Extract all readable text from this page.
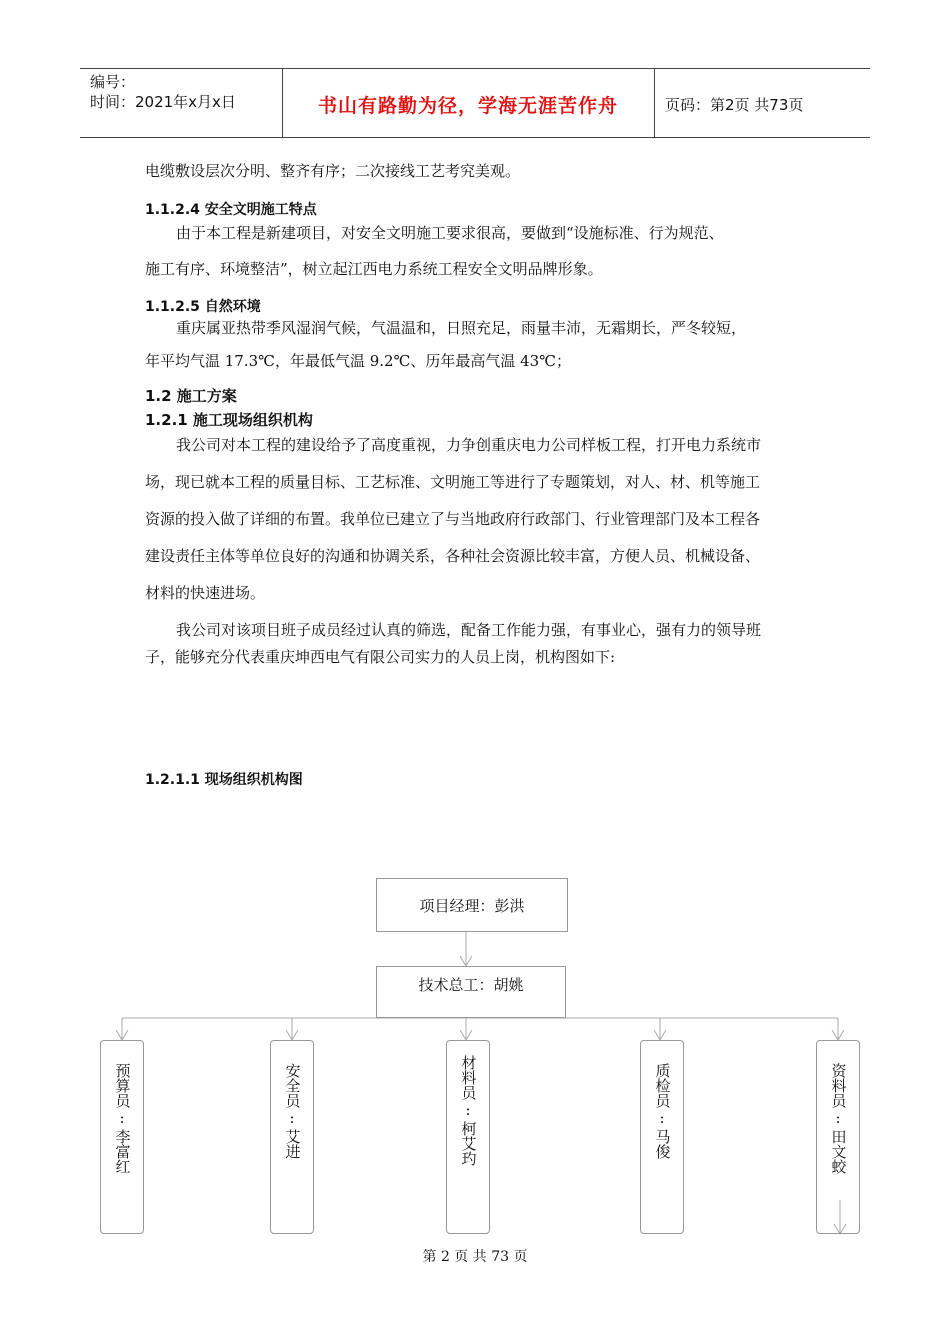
编号：
时间：2021年x月x日	书山有路勤为径，学海无涯苦作舟	页码：第2页 共73页
电缆敷设层次分明、整齐有序；二次接线工艺考究美观。
1.1.2.4 安全文明施工特点
由于本工程是新建项目，对安全文明施工要求很高，要做到“设施标准、行为规范、
施工有序、环境整洁”，树立起江西电力系统工程安全文明品牌形象。
1.1.2.5 自然环境
重庆属亚热带季风湿润气候，气温温和，日照充足，雨量丰沛，无霜期长，严冬较短，
年平均气温 17.3℃，年最低气温 9.2℃、历年最高气温 43℃；
1.2 施工方案
1.2.1 施工现场组织机构
我公司对本工程的建设给予了高度重视，力争创重庆电力公司样板工程，打开电力系统市
场，现已就本工程的质量目标、工艺标准、文明施工等进行了专题策划，对人、材、机等施工
资源的投入做了详细的布置。我单位已建立了与当地政府行政部门、行业管理部门及本工程各
建设责任主体等单位良好的沟通和协调关系，各种社会资源比较丰富，方便人员、机械设备、
材料的快速进场。
我公司对该项目班子成员经过认真的筛选，配备工作能力强，有事业心，强有力的领导班
子，能够充分代表重庆坤西电气有限公司实力的人员上岗，机构图如下:
1.2.1.1 现场组织机构图
项目经理：彭洪
技术总工：胡姚
预算员
:
李富红
安全员
:
艾进
材料员
:
柯艾玓
质检员
:
马俊
资料员
:
田文蛟
第 2 页 共 73 页
